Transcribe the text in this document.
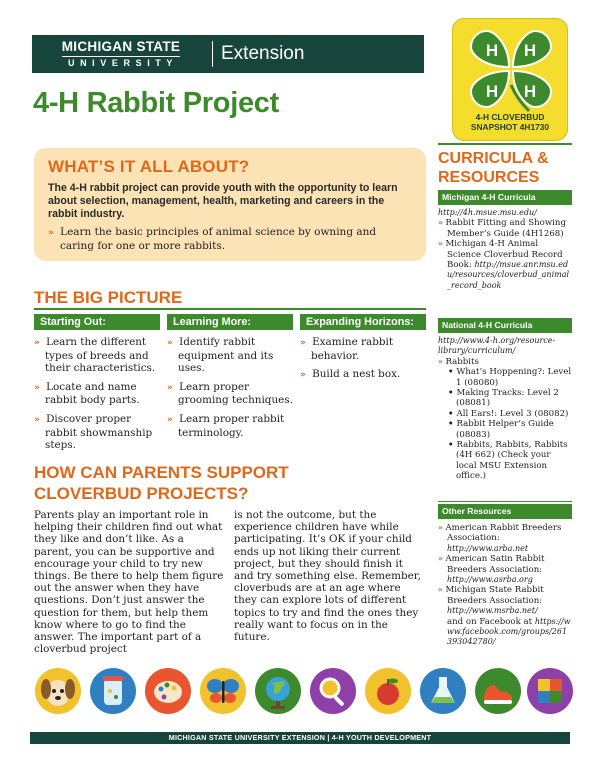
MICHIGAN STATE
UNIVERSITY Extension
4-H Rabbit Project
H H
H H
4-H CLOVERBUD
SNAPSHOT 4H1730
WHAT’S IT ALL ABOUT?

The 4-H rabbit project can provide youth with the opportunity to learn about selection, management, health, marketing and careers in the rabbit industry.

»  Learn the basic principles of animal science by owning and caring for one or more rabbits.

THE BIG PICTURE
Starting Out:
»  Learn the different types of breeds and their characteristics.
»  Locate and name rabbit body parts.
»  Discover proper rabbit showmanship steps.
Learning More:
»  Identify rabbit equipment and its uses.
»  Learn proper grooming techniques.
»  Learn proper rabbit terminology.
Expanding Horizons:
»  Examine rabbit behavior.
»  Build a nest box.
HOW CAN PARENTS SUPPORT
CLOVERBUD PROJECTS?

Parents play an important role in helping their children find out what they like and don’t like. As a parent, you can be supportive and encourage your child to try new things. Be there to help them figure out the answer when they have questions. Don’t just answer the question for them, but help them know where to go to find the answer. The important part of a cloverbud project

is not the outcome, but the experience children have while participating. It’s OK if your child ends up not liking their current project, but they should finish it and try something else. Remember, cloverbuds are at an age where they can explore lots of different topics to try and find the ones they really want to focus on in the future.

CURRICULA &
RESOURCES
Michigan 4-H Curricula
http://4h.msue.msu.edu/
» Rabbit Fitting and Showing Member’s Guide (4H1268)
» Michigan 4-H Animal Science Cloverbud Record Book: http://msue.anr.msu.edu/resources/cloverbud_animal_record_book
National 4-H Curricula
http://www.4-h.org/resource-library/curriculum/
» Rabbits
• What’s Hoppening?: Level 1 (08080)
• Making Tracks: Level 2 (08081)
• All Ears!: Level 3 (08082)
• Rabbit Helper’s Guide (08083)
• Rabbits, Rabbits, Rabbits (4H 662) (Check your local MSU Extension office.)
Other Resources
» American Rabbit Breeders Association: http://www.arba.net
» American Satin Rabbit Breeders Association: http://www.asrba.org
» Michigan State Rabbit Breeders Association: http://www.msrba.net/
and on Facebook at https://www.facebook.com/groups/261393042780/
MICHIGAN STATE UNIVERSITY EXTENSION | 4-H YOUTH DEVELOPMENT
